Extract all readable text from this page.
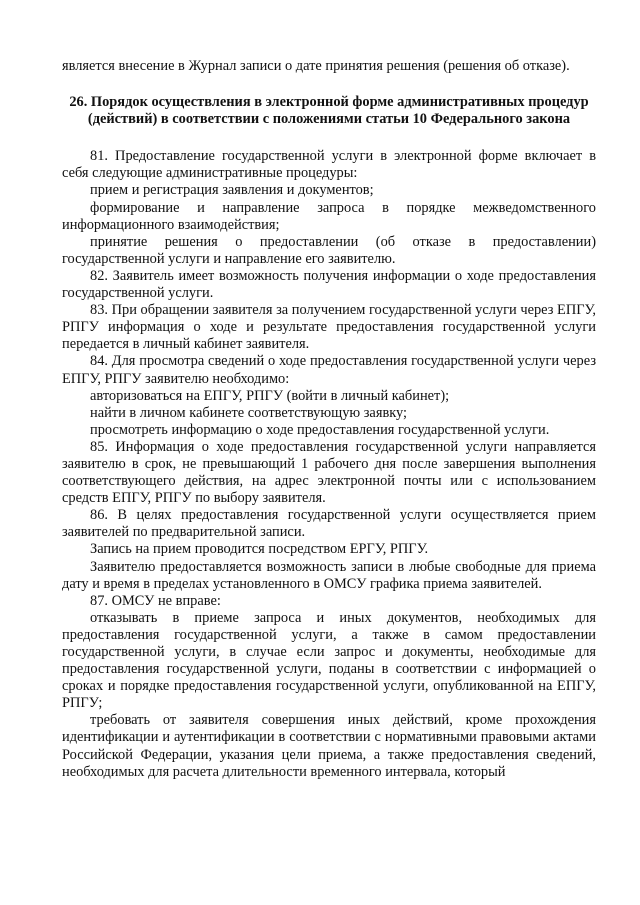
является внесение в Журнал записи о дате принятия решения (решения об отказе).

26. Порядок осуществления в электронной форме административных процедур (действий) в соответствии с положениями статьи 10 Федерального закона

81. Предоставление государственной услуги в электронной форме включает в себя следующие административные процедуры:

прием и регистрация заявления и документов;

формирование и направление запроса в порядке межведомственного информационного взаимодействия;

принятие решения о предоставлении (об отказе в предоставлении) государственной услуги и направление его заявителю.

82. Заявитель имеет возможность получения информации о ходе предоставления государственной услуги.

83. При обращении заявителя за получением государственной услуги через ЕПГУ, РПГУ информация о ходе и результате предоставления государственной услуги передается в личный кабинет заявителя.

84. Для просмотра сведений о ходе предоставления государственной услуги через ЕПГУ, РПГУ заявителю необходимо:

авторизоваться на ЕПГУ, РПГУ (войти в личный кабинет);

найти в личном кабинете соответствующую заявку;

просмотреть информацию о ходе предоставления государственной услуги.

85. Информация о ходе предоставления государственной услуги направляется заявителю в срок, не превышающий 1 рабочего дня после завершения выполнения соответствующего действия, на адрес электронной почты или с использованием средств ЕПГУ, РПГУ по выбору заявителя.

86. В целях предоставления государственной услуги осуществляется прием заявителей по предварительной записи.

Запись на прием проводится посредством ЕРГУ, РПГУ.

Заявителю предоставляется возможность записи в любые свободные для приема дату и время в пределах установленного в ОМСУ графика приема заявителей.

87. ОМСУ не вправе:

отказывать в приеме запроса и иных документов, необходимых для предоставления государственной услуги, а также в самом предоставлении государственной услуги, в случае если запрос и документы, необходимые для предоставления государственной услуги, поданы в соответствии с информацией о сроках и порядке предоставления государственной услуги, опубликованной на ЕПГУ, РПГУ;

требовать от заявителя совершения иных действий, кроме прохождения идентификации и аутентификации в соответствии с нормативными правовыми актами Российской Федерации, указания цели приема, а также предоставления сведений, необходимых для расчета длительности временного интервала, который
